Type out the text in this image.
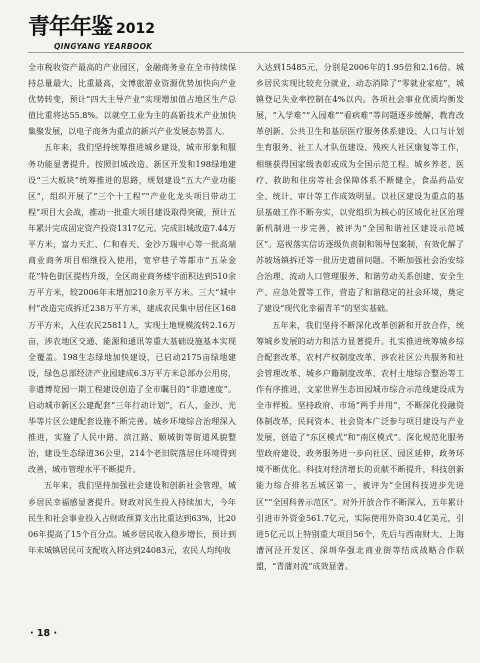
青年年鉴 2012
QINGYANG YEARBOOK

全市税收资产最高的产业园区，金融商务业在全市持续保持总量最大、比重最高，文博旅游业资源优势加快向产业优势转变，预计“四大主导产业”实现增加值占地区生产总值比重将达55.8%。以就空工业为主的高新技术产业加快集聚发展，以电子商务为重点的新兴产业发展态势喜人。

五年来，我们坚持统筹推进城乡建设，城市形象和服务功能显著提升。按照旧城改造、新区开发和198绿地建设“三大板块”统筹推进的思路，规划建设“五大产业功能区”，组织开展了“三个十工程”“产业化龙头项目带动工程”项目大会战，推动一批重大项目建设取得突破，预计五年累计完成固定资产投资1317亿元。完成旧城改造7.44万平方米，富力天汇、仁和春天、金沙万瑞中心等一批高端商业商务项目相继投入使用，宽窄巷子等都市“五朵金花”特色街区提档升级，全区商业商务楼宇面积达到510余万平方米，较2006年末增加210余万平方米。三大“城中村”改造完成拆迁238万平方米，建成农民集中居住区168万平方米，入住农民25811人，实现土地规模流转2.16万亩，涉农地区交通、能源和通讯等重大基础设施基本实现全覆盖。198生态绿地加快建设，已启动2175亩绿地建设，绿色总部经济产业园建成6.3万平方米总部办公用房，非遗博览园一期工程建设创造了全市瞩目的“非遗速度”。启动城市新区公建配套“三年行动计划”，石人、金沙、光华等片区公建配套设施不断完善。城乡环境综合治理深入推进，实施了人民中路、滨江路、顺城街等街道风貌整治，建设生态绿道36公里，214个老旧院落居住环境得到改善，城市管理水平不断提升。

五年来，我们坚持加强社会建设和创新社会管理，城乡居民幸福感显著提升。财政对民生投入持续加大，今年民生和社会事业投入占财政预算支出比重达到63%，比2006年提高了15个百分点。城乡居民收入稳步增长，预计到年末城镇居民可支配收入将达到24083元，农民人均纯收

入达到15485元，分别是2006年的1.95倍和2.16倍。城乡居民实现比较充分就业，动态消除了“零就业家庭”，城镇登记失业率控制在4%以内。各项社会事业优质均衡发展，“入学难”“入园难”“看病难”等问题逐步缓解，教育改革创新、公共卫生和基层医疗服务体系建设、人口与计划生育服务、社工人才队伍建设、残疾人社区康复等工作，相继获得国家级表彰或成为全国示范工程。城乡养老、医疗、救助和住房等社会保障体系不断健全，食品药品安全、统计、审计等工作成效明显。以社区建设为重点的基层基础工作不断夯实，以党组织为核心的区域化社区治理新机制进一步完善，被评为“全国和谐社区建设示范城区”。巡视落实信访逐级负责制和领导包案制，有效化解了苏坡场镇拆迁等一批历史遗留问题。不断加强社会治安综合治理、流动人口管理服务、和谐劳动关系创建、安全生产、应急处置等工作，营造了和谐稳定的社会环境，奠定了建设“现代化幸福青羊”的坚实基础。

五年来，我们坚持不断深化改革创新和开放合作，统筹城乡发展的动力和活力显著提升。扎实推进统筹城乡综合配套改革，农村产权制度改革、涉农社区公共服务和社会管理改革、城乡户籍制度改革、农村土地综合整治等工作有序推进，文家世界生态田园城市综合示范线建设成为全市样板。坚持政府、市场“两手并用”，不断深化投融资体制改革，民间资本、社会资本广泛参与项目建设与产业发展，创造了“东区模式”和“南区模式”。深化规范化服务型政府建设，政务服务进一步向社区、园区延伸，政务环境不断优化。科技对经济增长的贡献不断提升，科技创新能力综合排名五城区第一，被评为“全国科技进步先进区”“全国科普示范区”。对外开放合作不断深入，五年累计引进市外资金561.7亿元，实际使用外资30.4亿美元，引进5亿元以上特别重大项目56个，先后与西南财大、上海漕河泾开发区、深圳华强北商业街等结成战略合作联盟，“青蒲对流”成效显著。

· 18 ·
